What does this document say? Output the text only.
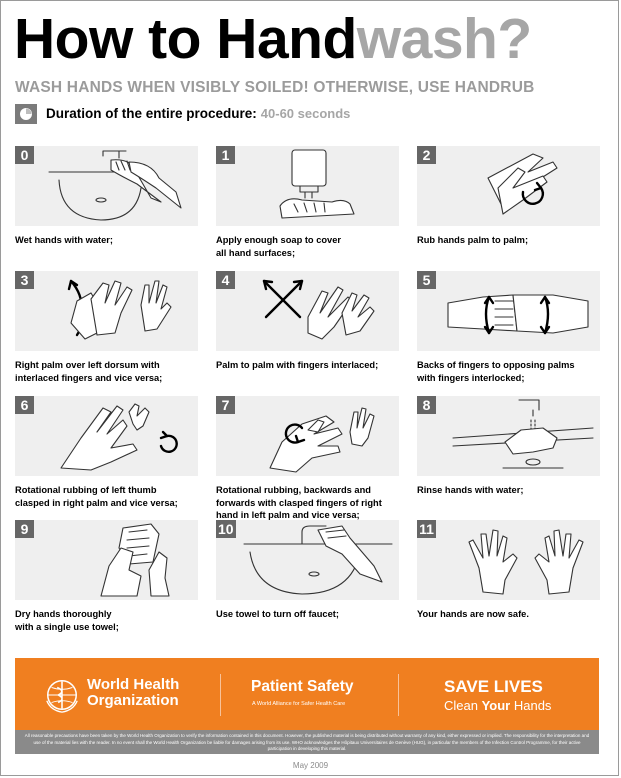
How to Handwash?

WASH HANDS WHEN VISIBLY SOILED! OTHERWISE, USE HANDRUB

Duration of the entire procedure: 40-60 seconds
0

Wet hands with water;

1

Apply enough soap to cover
all hand surfaces;

2

Rub hands palm to palm;

3

Right palm over left dorsum with
interlaced fingers and vice versa;

4

Palm to palm with fingers interlaced;

5

Backs of fingers to opposing palms
with fingers interlocked;

6

Rotational rubbing of left thumb
clasped in right palm and vice versa;

7

Rotational rubbing, backwards and
forwards with clasped fingers of right
hand in left palm and vice versa;

8

Rinse hands with water;

9

Dry hands thoroughly
with a single use towel;

10

Use towel to turn off faucet;

11

Your hands are now safe.

World Health
Organization
Patient Safety
A World Alliance for Safer Health Care
SAVE LIVES
Clean Your Hands
All reasonable precautions have been taken by the World Health Organization to verify the information contained in this document. However, the published material is being distributed without warranty of any kind, either expressed or implied. The responsibility for the interpretation and use of the material lies with the reader. In no event shall the World Health Organization be liable for damages arising from its use. WHO acknowledges the Hôpitaux Universitaires de Genève (HUG), in particular the members of the Infection Control Programme, for their active participation in developing this material.
May 2009
